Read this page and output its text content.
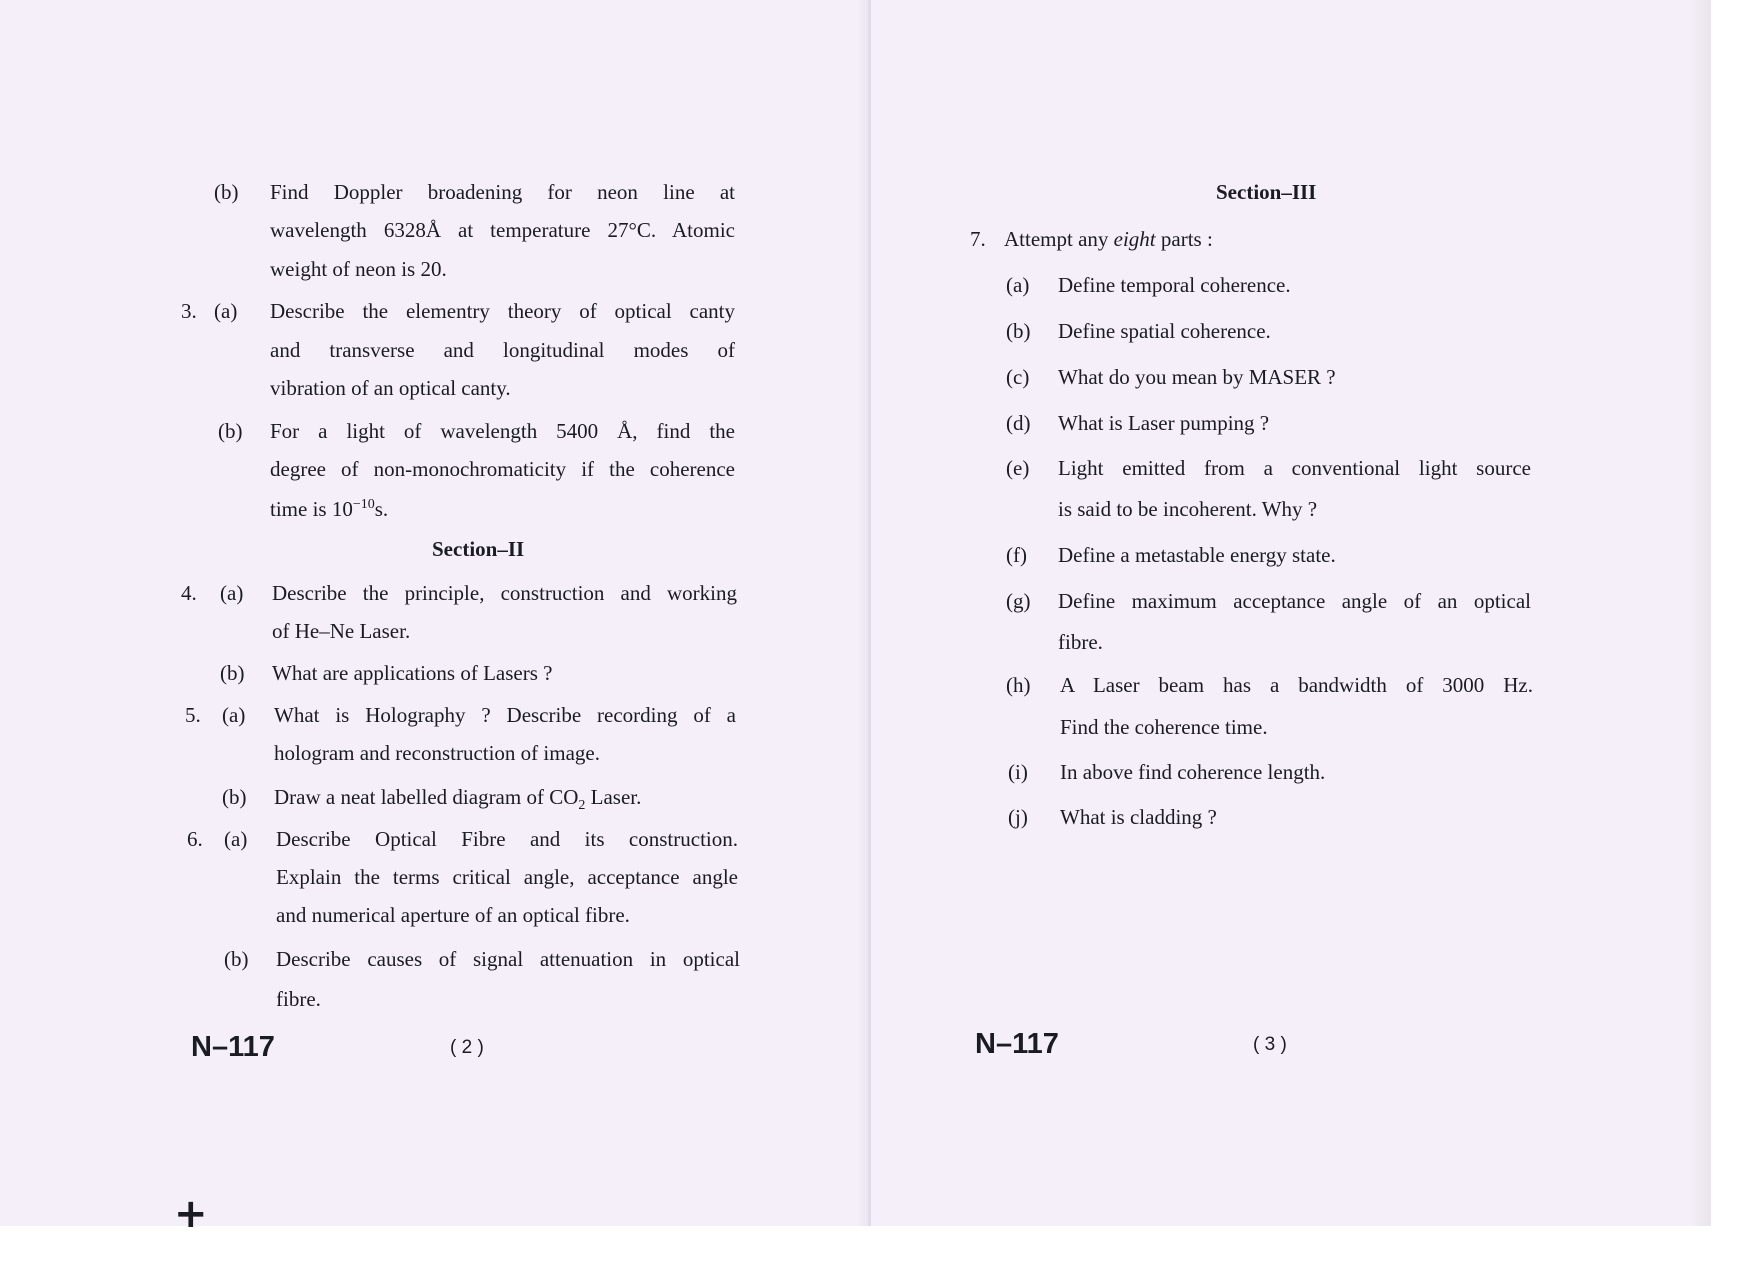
(b) Find Doppler broadening for neon line at
wavelength 6328Å at temperature 27°C. Atomic
weight of neon is 20.
3. (a) Describe the elementry theory of optical canty
and transverse and longitudinal modes of
vibration of an optical canty.
(b) For a light of wavelength 5400 Å, find the
degree of non-monochromaticity if the coherence
time is $10^{-10}s$.
Section–II
4. (a) Describe the principle, construction and working
of He–Ne Laser.
(b) What are applications of Lasers ?
5. (a) What is Holography ? Describe recording of a
hologram and reconstruction of image.
(b) Draw a neat labelled diagram of $CO_2$ Laser.
6. (a) Describe Optical Fibre and its construction.
Explain the terms critical angle, acceptance angle
and numerical aperture of an optical fibre.
(b) Describe causes of signal attenuation in optical
fibre.
N–117	( 2 )
+
Section–III
7. Attempt any eight parts :
(a) Define temporal coherence.
(b) Define spatial coherence.
(c) What do you mean by MASER ?
(d) What is Laser pumping ?
(e) Light emitted from a conventional light source
is said to be incoherent. Why ?
(f) Define a metastable energy state.
(g) Define maximum acceptance angle of an optical
fibre.
(h) A Laser beam has a bandwidth of 3000 Hz.
Find the coherence time.
(i) In above find coherence length.
(j) What is cladding ?
N–117	( 3 )
